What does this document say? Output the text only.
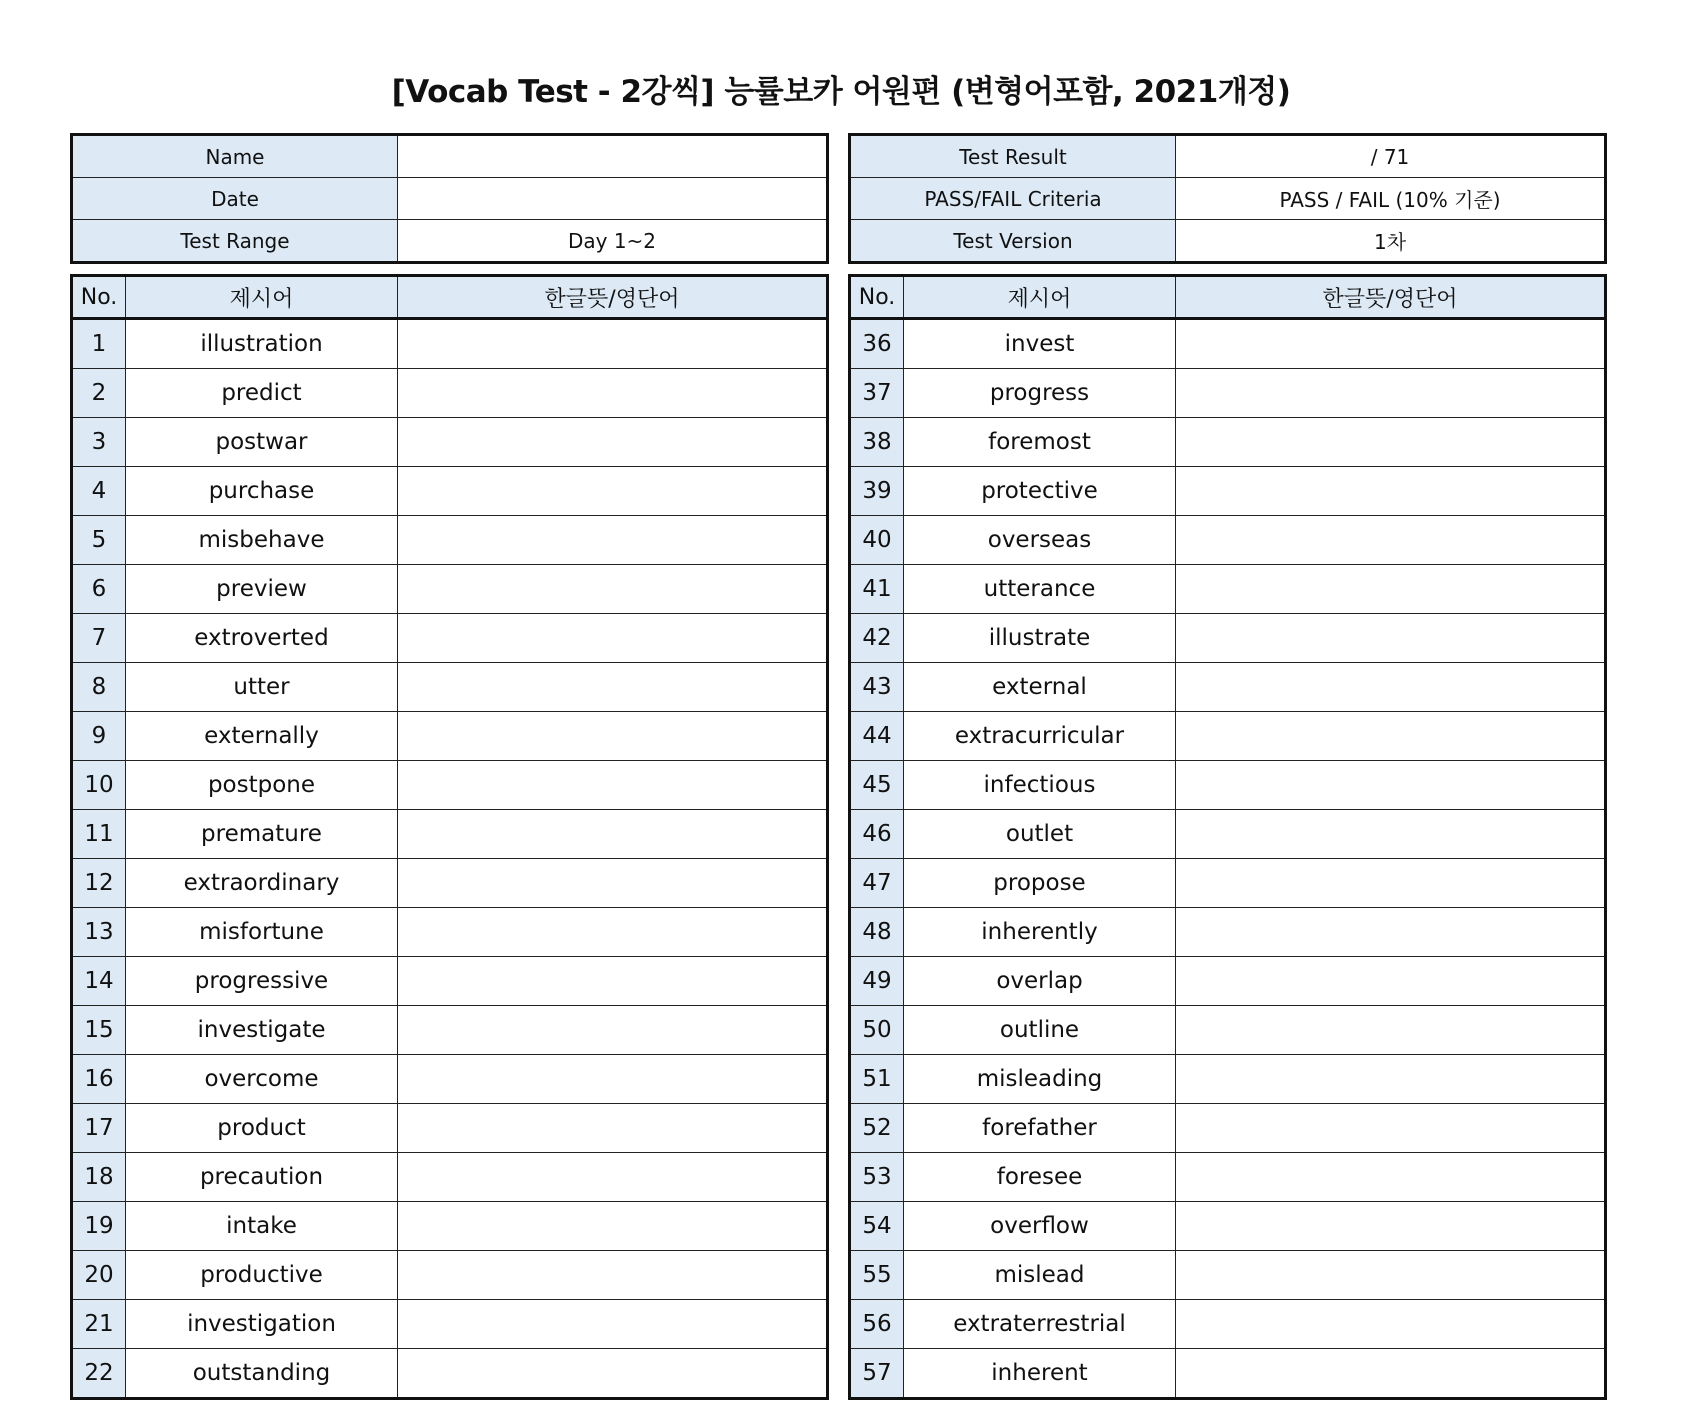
[Vocab Test - 2강씩] 능률보카 어원편 (변형어포함, 2021개정)
Name	
Date	
Test Range	Day 1~2
Test Result	/ 71
PASS/FAIL Criteria	PASS / FAIL (10% 기준)
Test Version	1차
No.	제시어	한글뜻/영단어
1	illustration	
2	predict	
3	postwar	
4	purchase	
5	misbehave	
6	preview	
7	extroverted	
8	utter	
9	externally	
10	postpone	
11	premature	
12	extraordinary	
13	misfortune	
14	progressive	
15	investigate	
16	overcome	
17	product	
18	precaution	
19	intake	
20	productive	
21	investigation	
22	outstanding	
No.	제시어	한글뜻/영단어
36	invest	
37	progress	
38	foremost	
39	protective	
40	overseas	
41	utterance	
42	illustrate	
43	external	
44	extracurricular	
45	infectious	
46	outlet	
47	propose	
48	inherently	
49	overlap	
50	outline	
51	misleading	
52	forefather	
53	foresee	
54	overflow	
55	mislead	
56	extraterrestrial	
57	inherent	
